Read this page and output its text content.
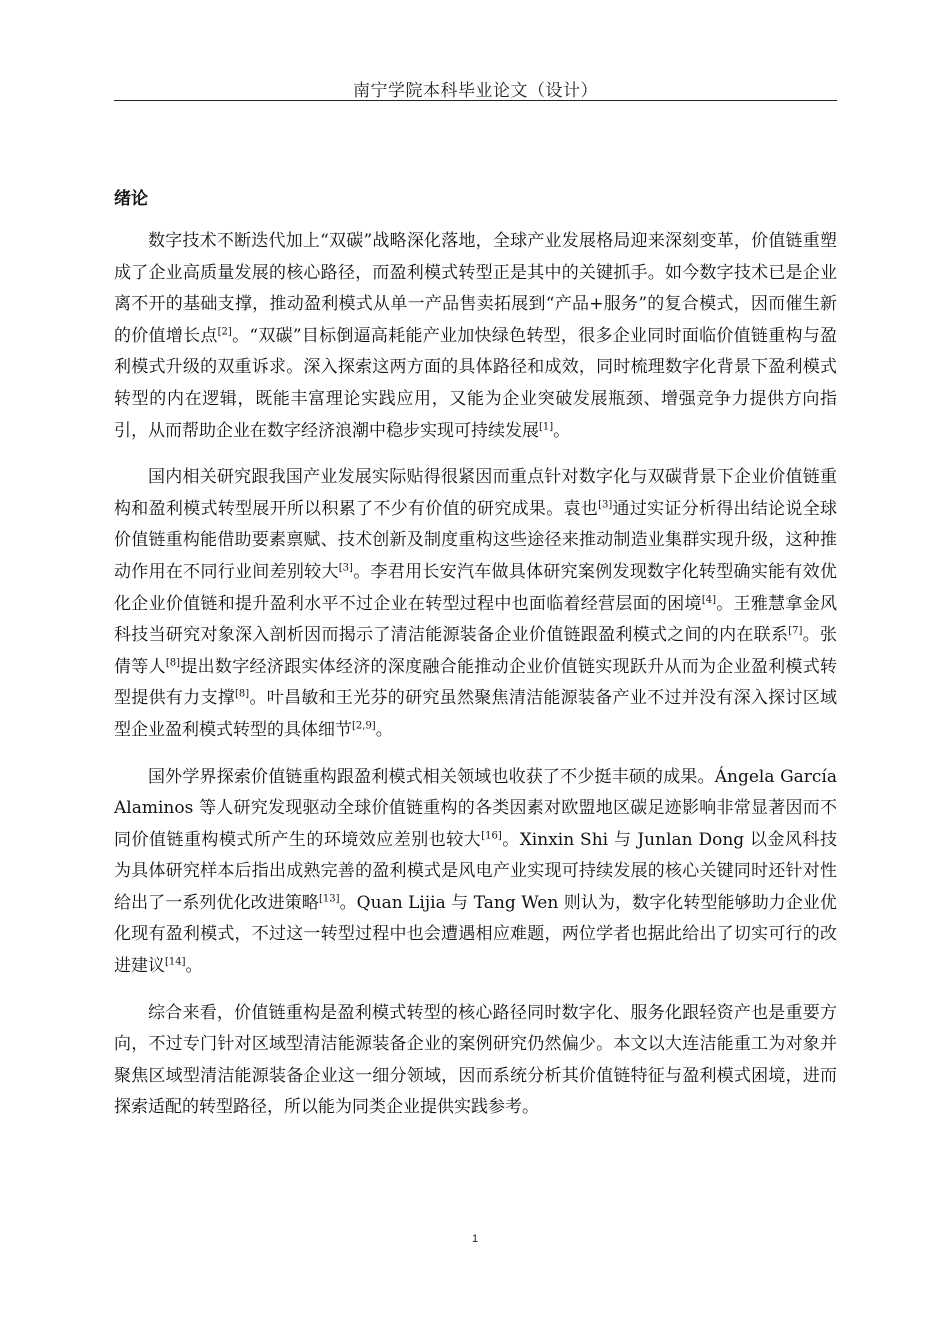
南宁学院本科毕业论文（设计）
绪论

数字技术不断迭代加上“双碳”战略深化落地，全球产业发展格局迎来深刻变革，价值链重塑成了企业高质量发展的核心路径，而盈利模式转型正是其中的关键抓手。如今数字技术已是企业离不开的基础支撑，推动盈利模式从单一产品售卖拓展到“产品+服务”的复合模式，因而催生新的价值增长点[2]。“双碳”目标倒逼高耗能产业加快绿色转型，很多企业同时面临价值链重构与盈利模式升级的双重诉求。深入探索这两方面的具体路径和成效，同时梳理数字化背景下盈利模式转型的内在逻辑，既能丰富理论实践应用，又能为企业突破发展瓶颈、增强竞争力提供方向指引，从而帮助企业在数字经济浪潮中稳步实现可持续发展[1]。

国内相关研究跟我国产业发展实际贴得很紧因而重点针对数字化与双碳背景下企业价值链重构和盈利模式转型展开所以积累了不少有价值的研究成果。袁也[3]通过实证分析得出结论说全球价值链重构能借助要素禀赋、技术创新及制度重构这些途径来推动制造业集群实现升级，这种推动作用在不同行业间差别较大[3]。李君用长安汽车做具体研究案例发现数字化转型确实能有效优化企业价值链和提升盈利水平不过企业在转型过程中也面临着经营层面的困境[4]。王雅慧拿金风科技当研究对象深入剖析因而揭示了清洁能源装备企业价值链跟盈利模式之间的内在联系[7]。张倩等人[8]提出数字经济跟实体经济的深度融合能推动企业价值链实现跃升从而为企业盈利模式转型提供有力支撑[8]。叶昌敏和王光芬的研究虽然聚焦清洁能源装备产业不过并没有深入探讨区域型企业盈利模式转型的具体细节[2,9]。

国外学界探索价值链重构跟盈利模式相关领域也收获了不少挺丰硕的成果。Ángela García Alaminos 等人研究发现驱动全球价值链重构的各类因素对欧盟地区碳足迹影响非常显著因而不同价值链重构模式所产生的环境效应差别也较大[16]。Xinxin Shi 与 Junlan Dong 以金风科技为具体研究样本后指出成熟完善的盈利模式是风电产业实现可持续发展的核心关键同时还针对性给出了一系列优化改进策略[13]。Quan Lijia 与 Tang Wen 则认为，数字化转型能够助力企业优化现有盈利模式，不过这一转型过程中也会遭遇相应难题，两位学者也据此给出了切实可行的改进建议[14]。

综合来看，价值链重构是盈利模式转型的核心路径同时数字化、服务化跟轻资产也是重要方向，不过专门针对区域型清洁能源装备企业的案例研究仍然偏少。本文以大连洁能重工为对象并聚焦区域型清洁能源装备企业这一细分领域，因而系统分析其价值链特征与盈利模式困境，进而探索适配的转型路径，所以能为同类企业提供实践参考。

1
